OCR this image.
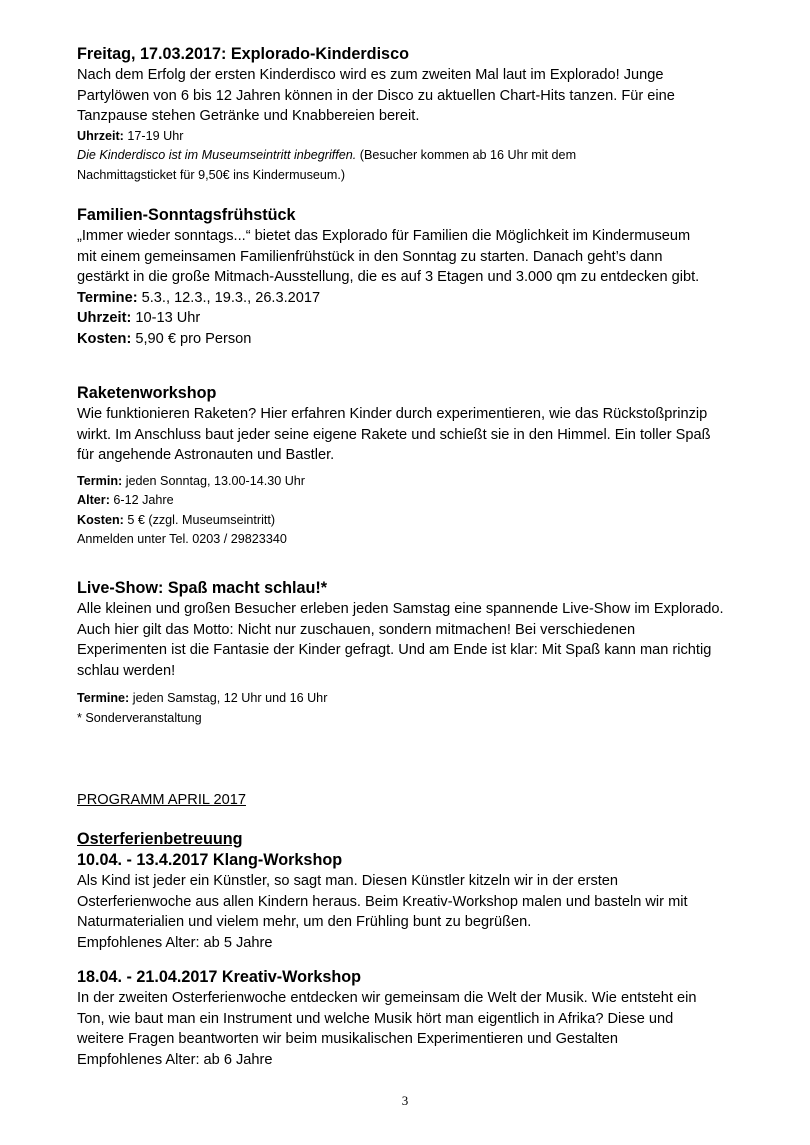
Freitag, 17.03.2017: Explorado-Kinderdisco

Nach dem Erfolg der ersten Kinderdisco wird es zum zweiten Mal laut im Explorado! Junge

Partylöwen von 6 bis 12 Jahren können in der Disco zu aktuellen Chart-Hits tanzen. Für eine

Tanzpause stehen Getränke und Knabbereien bereit.

Uhrzeit: 17-19 Uhr

Die Kinderdisco ist im Museumseintritt inbegriffen. (Besucher kommen ab 16 Uhr mit dem

Nachmittagsticket für 9,50€ ins Kindermuseum.)

Familien-Sonntagsfrühstück

„Immer wieder sonntags...“ bietet das Explorado für Familien die Möglichkeit im Kindermuseum

mit einem gemeinsamen Familienfrühstück in den Sonntag zu starten. Danach geht’s dann

gestärkt in die große Mitmach-Ausstellung, die es auf 3 Etagen und 3.000 qm zu entdecken gibt.

Termine: 5.3., 12.3., 19.3., 26.3.2017

Uhrzeit: 10-13 Uhr

Kosten: 5,90 € pro Person

Raketenworkshop

Wie funktionieren Raketen? Hier erfahren Kinder durch experimentieren, wie das Rückstoßprinzip

wirkt. Im Anschluss baut jeder seine eigene Rakete und schießt sie in den Himmel. Ein toller Spaß

für angehende Astronauten und Bastler.

Termin: jeden Sonntag, 13.00-14.30 Uhr

Alter: 6-12 Jahre

Kosten: 5 € (zzgl. Museumseintritt)

Anmelden unter Tel. 0203 / 29823340

Live-Show: Spaß macht schlau!*

Alle kleinen und großen Besucher erleben jeden Samstag eine spannende Live-Show im Explorado.

Auch hier gilt das Motto: Nicht nur zuschauen, sondern mitmachen! Bei verschiedenen

Experimenten ist die Fantasie der Kinder gefragt. Und am Ende ist klar: Mit Spaß kann man richtig

schlau werden!

Termine: jeden Samstag, 12 Uhr und 16 Uhr

* Sonderveranstaltung

PROGRAMM APRIL 2017

Osterferienbetreuung

10.04. - 13.4.2017 Klang-Workshop

Als Kind ist jeder ein Künstler, so sagt man. Diesen Künstler kitzeln wir in der ersten

Osterferienwoche aus allen Kindern heraus. Beim Kreativ-Workshop malen und basteln wir mit

Naturmaterialien und vielem mehr, um den Frühling bunt zu begrüßen.

Empfohlenes Alter: ab 5 Jahre

18.04. - 21.04.2017 Kreativ-Workshop

In der zweiten Osterferienwoche entdecken wir gemeinsam die Welt der Musik. Wie entsteht ein

Ton, wie baut man ein Instrument und welche Musik hört man eigentlich in Afrika? Diese und

weitere Fragen beantworten wir beim musikalischen Experimentieren und Gestalten

Empfohlenes Alter: ab 6 Jahre

3
